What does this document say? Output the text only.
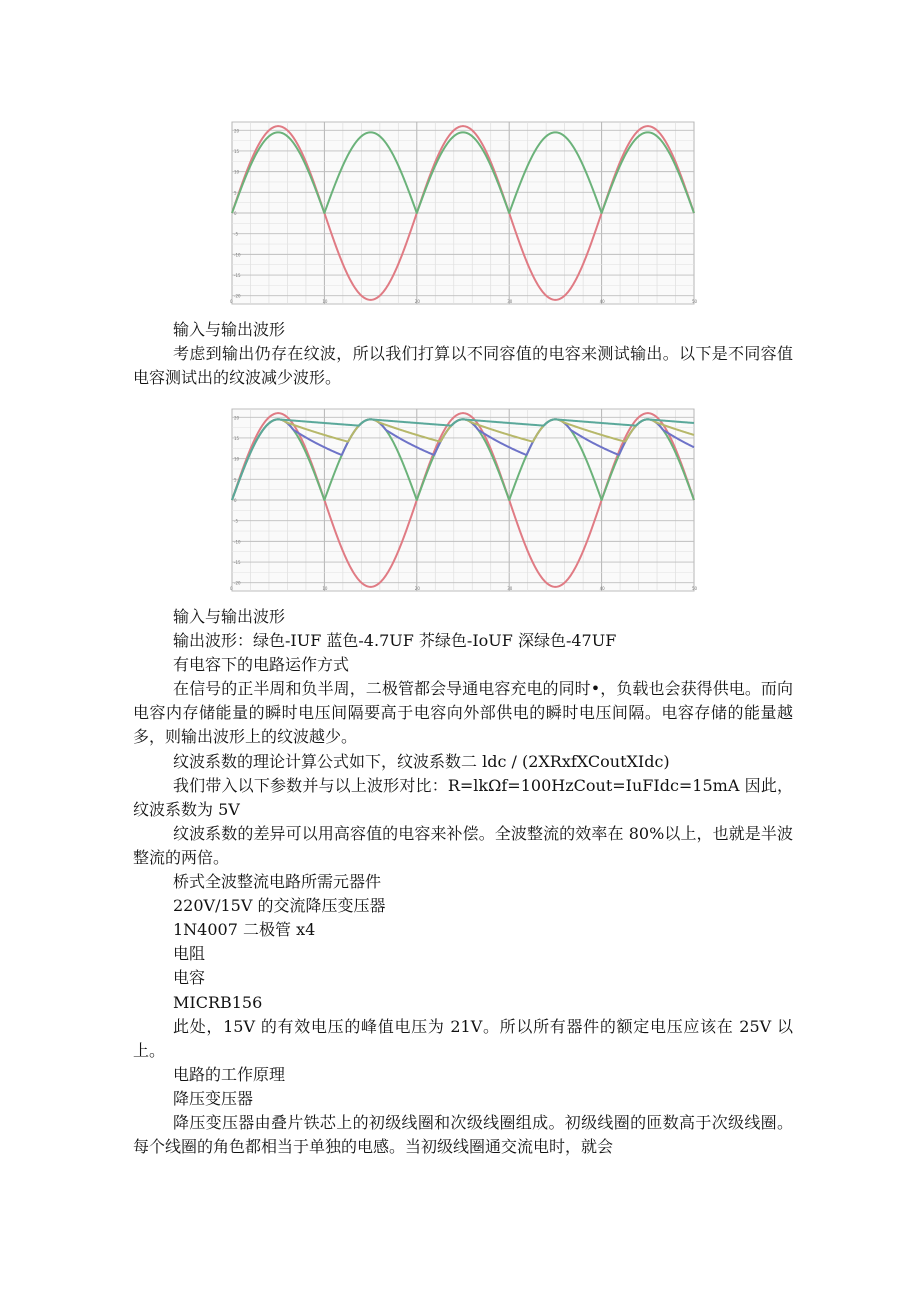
20
15
10
5
0
-5
-10
-15
-20
0	10	20	30	40	50

输入与输出波形

考虑到输出仍存在纹波，所以我们打算以不同容值的电容来测试输出。以下是不同容值电容测试出的纹波减少波形。

20
15
10
5
0
-5
-10
-15
-20
0	10	20	30	40	50

输入与输出波形

输出波形：绿色-IUF 蓝色-4.7UF 芥绿色-IoUF 深绿色-47UF

有电容下的电路运作方式

在信号的正半周和负半周，二极管都会导通电容充电的同时•，负载也会获得供电。而向电容内存储能量的瞬时电压间隔要高于电容向外部供电的瞬时电压间隔。电容存储的能量越多，则输出波形上的纹波越少。

纹波系数的理论计算公式如下，纹波系数二 ldc / (2XRxfXCoutXIdc)

我们带入以下参数并与以上波形对比：R=lkΩf=100HzCout=IuFIdc=15mA 因此，纹波系数为 5V

纹波系数的差异可以用高容值的电容来补偿。全波整流的效率在 80%以上，也就是半波整流的两倍。

桥式全波整流电路所需元器件

220V/15V 的交流降压变压器

1N4007 二极管 x4

电阻

电容

MICRB156

此处，15V 的有效电压的峰值电压为 21V。所以所有器件的额定电压应该在 25V 以上。

电路的工作原理

降压变压器

降压变压器由叠片铁芯上的初级线圈和次级线圈组成。初级线圈的匝数高于次级线圈。每个线圈的角色都相当于单独的电感。当初级线圈通交流电时，就会
